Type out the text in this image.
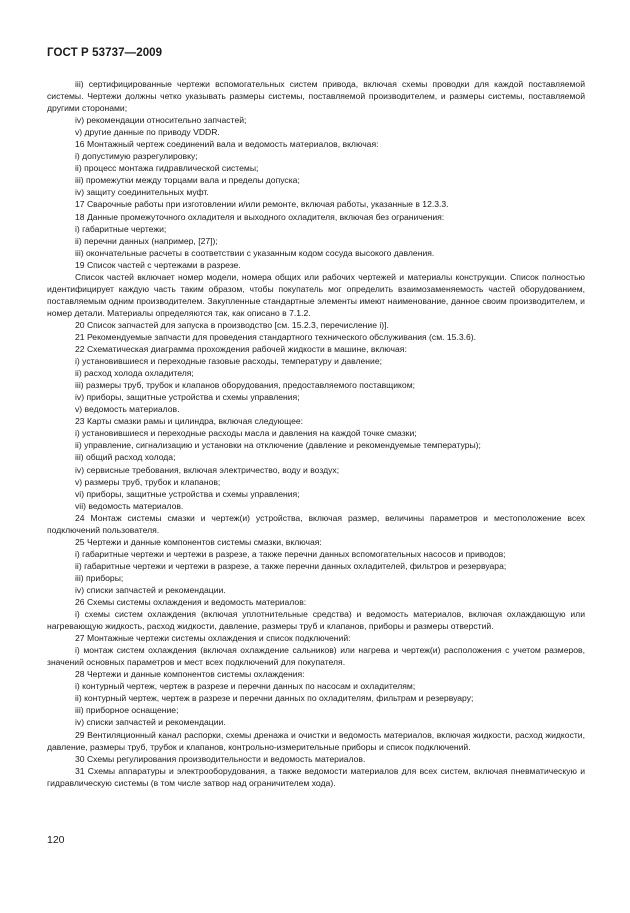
ГОСТ Р 53737—2009

iii) сертифицированные чертежи вспомогательных систем привода, включая схемы проводки для каждой поставляемой системы. Чертежи должны четко указывать размеры системы, поставляемой производителем, и размеры системы, поставляемой другими сторонами;

iv) рекомендации относительно запчастей;

v) другие данные по приводу VDDR.

16 Монтажный чертеж соединений вала и ведомость материалов, включая:

i) допустимую разрегулировку;

ii) процесс монтажа гидравлической системы;

iii) промежутки между торцами вала и пределы допуска;

iv) защиту соединительных муфт.

17 Сварочные работы при изготовлении и/или ремонте, включая работы, указанные в 12.3.3.

18 Данные промежуточного охладителя и выходного охладителя, включая без ограничения:

i) габаритные чертежи;

ii) перечни данных (например, [27]);

iii) окончательные расчеты в соответствии с указанным кодом сосуда высокого давления.

19 Список частей с чертежами в разрезе.

Список частей включает номер модели, номера общих или рабочих чертежей и материалы конструкции. Список полностью идентифицирует каждую часть таким образом, чтобы покупатель мог определить взаимозаменяемость частей оборудованием, поставляемым одним производителем. Закупленные стандартные элементы имеют наименование, данное своим производителем, и номер детали. Материалы определяются так, как описано в 7.1.2.

20 Список запчастей для запуска в производство [см. 15.2.3, перечисление i)].

21 Рекомендуемые запчасти для проведения стандартного технического обслуживания (см. 15.3.6).

22 Схематическая диаграмма прохождения рабочей жидкости в машине, включая:

i) установившиеся и переходные газовые расходы, температуру и давление;

ii) расход холода охладителя;

iii) размеры труб, трубок и клапанов оборудования, предоставляемого поставщиком;

iv) приборы, защитные устройства и схемы управления;

v) ведомость материалов.

23 Карты смазки рамы и цилиндра, включая следующее:

i) установившиеся и переходные расходы масла и давления на каждой точке смазки;

ii) управление, сигнализацию и установки на отключение (давление и рекомендуемые температуры);

iii) общий расход холода;

iv) сервисные требования, включая электричество, воду и воздух;

v) размеры труб, трубок и клапанов;

vi) приборы, защитные устройства и схемы управления;

vii) ведомость материалов.

24 Монтаж системы смазки и чертеж(и) устройства, включая размер, величины параметров и местоположение всех подключений пользователя.

25 Чертежи и данные компонентов системы смазки, включая:

i) габаритные чертежи и чертежи в разрезе, а также перечни данных вспомогательных насосов и приводов;

ii) габаритные чертежи и чертежи в разрезе, а также перечни данных охладителей, фильтров и резервуара;

iii) приборы;

iv) списки запчастей и рекомендации.

26 Схемы системы охлаждения и ведомость материалов:

i) схемы систем охлаждения (включая уплотнительные средства) и ведомость материалов, включая охлаждающую или нагревающую жидкость, расход жидкости, давление, размеры труб и клапанов, приборы и размеры отверстий.

27 Монтажные чертежи системы охлаждения и список подключений:

i) монтаж систем охлаждения (включая охлаждение сальников) или нагрева и чертеж(и) расположения с учетом размеров, значений основных параметров и мест всех подключений для покупателя.

28 Чертежи и данные компонентов системы охлаждения:

i) контурный чертеж, чертеж в разрезе и перечни данных по насосам и охладителям;

ii) контурный чертеж, чертеж в разрезе и перечни данных по охладителям, фильтрам и резервуару;

iii) приборное оснащение;

iv) списки запчастей и рекомендации.

29 Вентиляционный канал распорки, схемы дренажа и очистки и ведомость материалов, включая жидкости, расход жидкости, давление, размеры труб, трубок и клапанов, контрольно-измерительные приборы и список подключений.

30 Схемы регулирования производительности и ведомость материалов.

31 Схемы аппаратуры и электрооборудования, а также ведомости материалов для всех систем, включая пневматическую и гидравлическую системы (в том числе затвор над ограничителем хода).

120
